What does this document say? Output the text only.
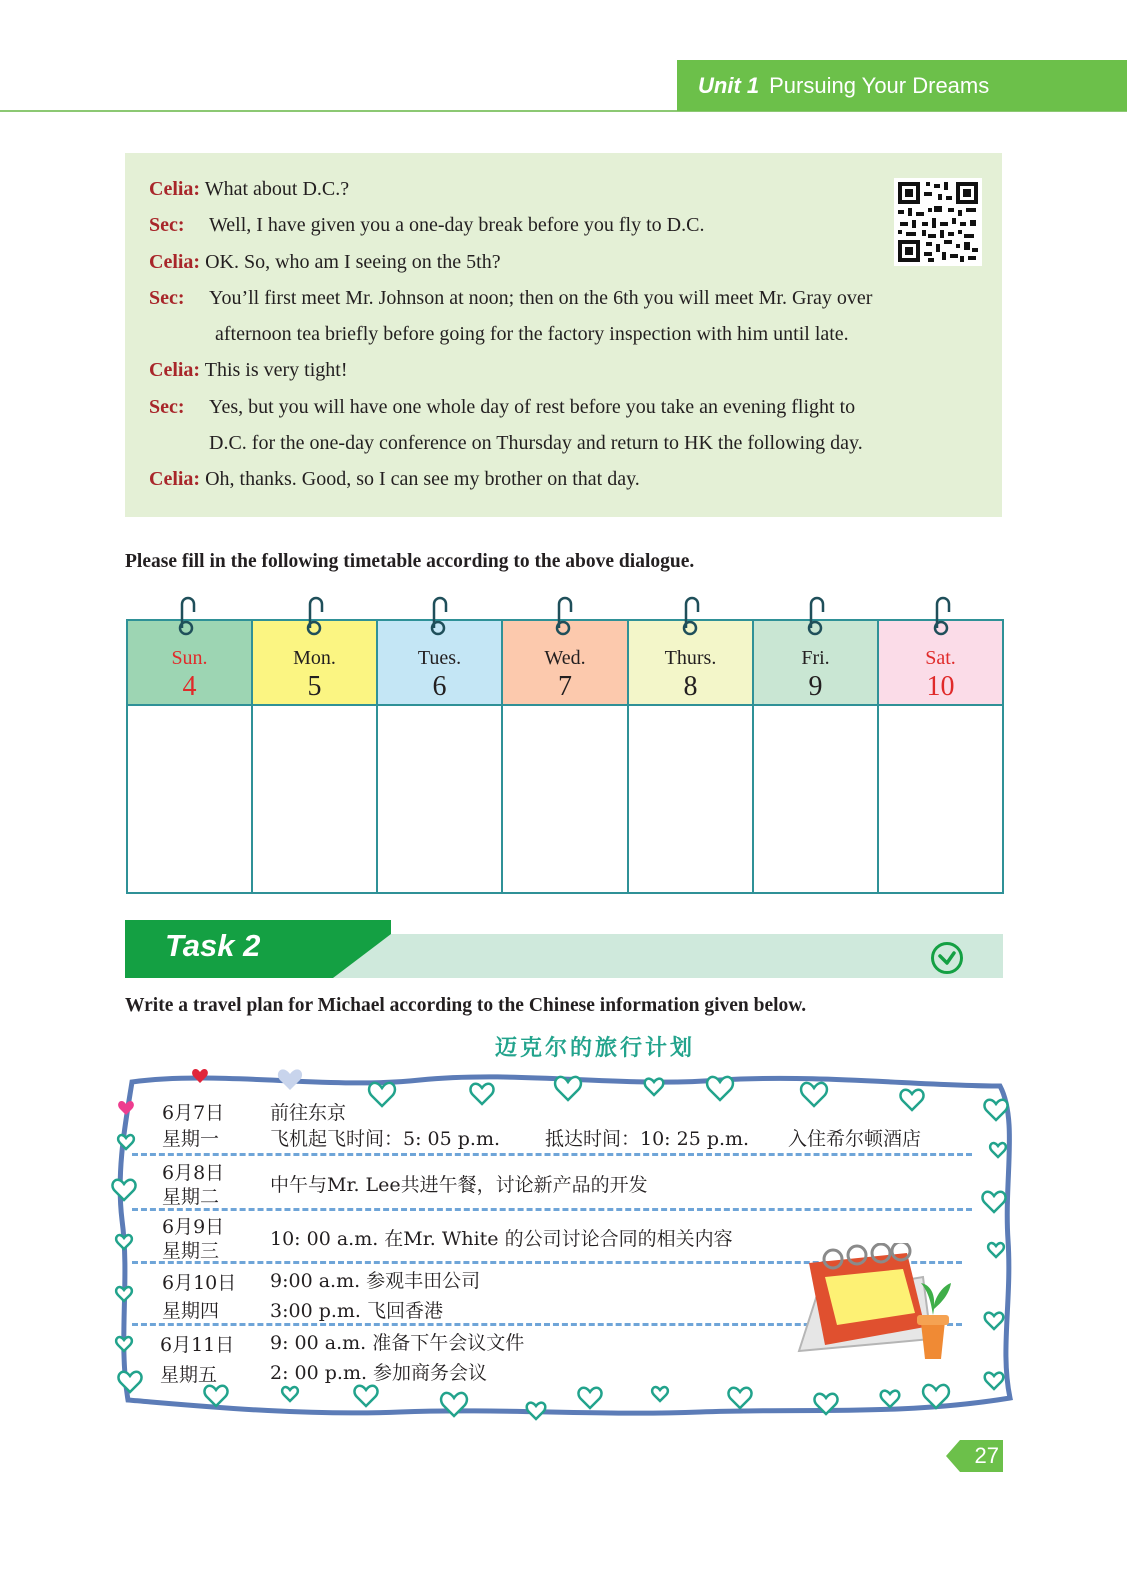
Unit 1 Pursuing Your Dreams
Celia: What about D.C.?
Sec: Well, I have given you a one-day break before you fly to D.C.
Celia: OK. So, who am I seeing on the 5th?
Sec: You’ll first meet Mr. Johnson at noon; then on the 6th you will meet Mr. Gray over
afternoon tea briefly before going for the factory inspection with him until late.
Celia: This is very tight!
Sec: Yes, but you will have one whole day of rest before you take an evening flight to
D.C. for the one-day conference on Thursday and return to HK the following day.
Celia: Oh, thanks. Good, so I can see my brother on that day.
Please fill in the following timetable according to the above dialogue.
Sun.
4
Mon.
5
Tues.
6
Wed.
7
Thurs.
8
Fri.
9
Sat.
10
Task 2
Write a travel plan for Michael according to the Chinese information given below.
迈克尔的旅行计划
6月7日
星期一
前往东京
飞机起飞时间：5: 05 p.m. 抵达时间：10: 25 p.m. 入住希尔顿酒店
6月8日
星期二
中午与Mr. Lee共进午餐，讨论新产品的开发
6月9日
星期三
10: 00 a.m. 在Mr. White 的公司讨论合同的相关内容
6月10日
星期四
9:00 a.m. 参观丰田公司
3:00 p.m. 飞回香港
6月11日
星期五
9: 00 a.m. 准备下午会议文件
2: 00 p.m. 参加商务会议
27
